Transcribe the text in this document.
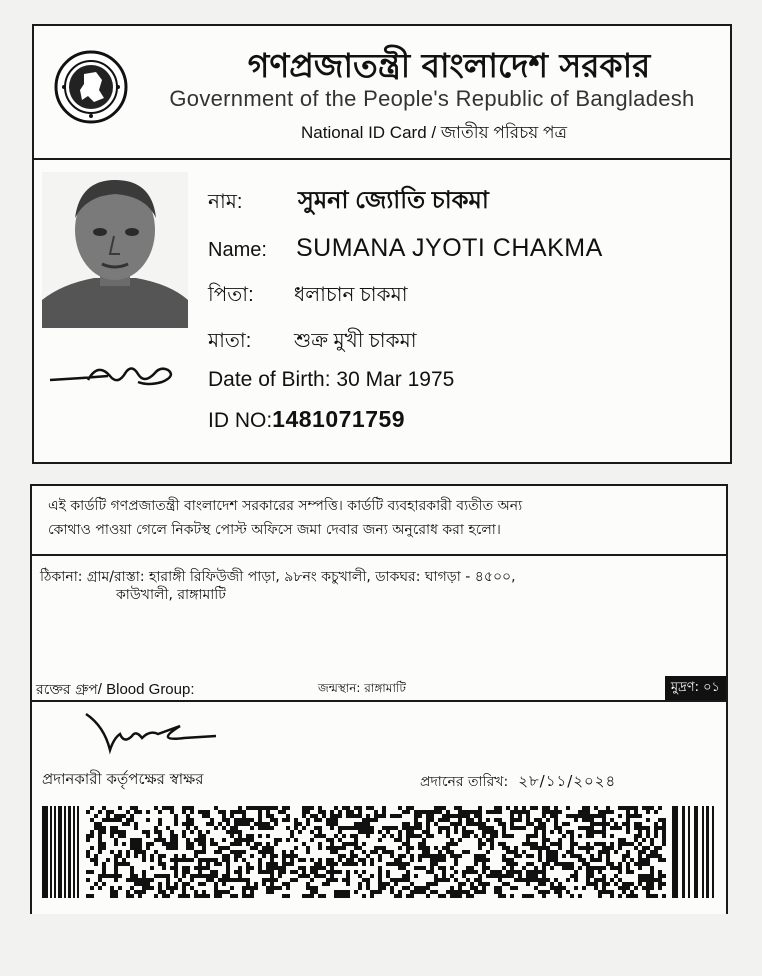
গণপ্রজাতন্ত্রী বাংলাদেশ সরকার
Government of the People's Republic of Bangladesh
National ID Card / জাতীয় পরিচয় পত্র
নাম: সুমনা জ্যোতি চাকমা
Name: SUMANA JYOTI CHAKMA
পিতা: ধলাচান চাকমা
মাতা: শুক্র মুখী চাকমা
Date of Birth: 30 Mar 1975
ID NO:1481071759
এই কার্ডটি গণপ্রজাতন্ত্রী বাংলাদেশ সরকারের সম্পত্তি। কার্ডটি ব্যবহারকারী ব্যতীত অন্য
কোথাও পাওয়া গেলে নিকটস্থ পোস্ট অফিসে জমা দেবার জন্য অনুরোধ করা হলো।
ঠিকানা: গ্রাম/রাস্তা: হারাঙ্গী রিফিউজী পাড়া, ৯৮নং কচুখালী, ডাকঘর: ঘাগড়া - ৪৫০০,
কাউখালী, রাঙ্গামাটি
রক্তের গ্রুপ/ Blood Group:	জন্মস্থান: রাঙ্গামাটি	মুদ্রণ: ০১
প্রদানকারী কর্তৃপক্ষের স্বাক্ষর	প্রদানের তারিখ: ২৮/১১/২০২৪
